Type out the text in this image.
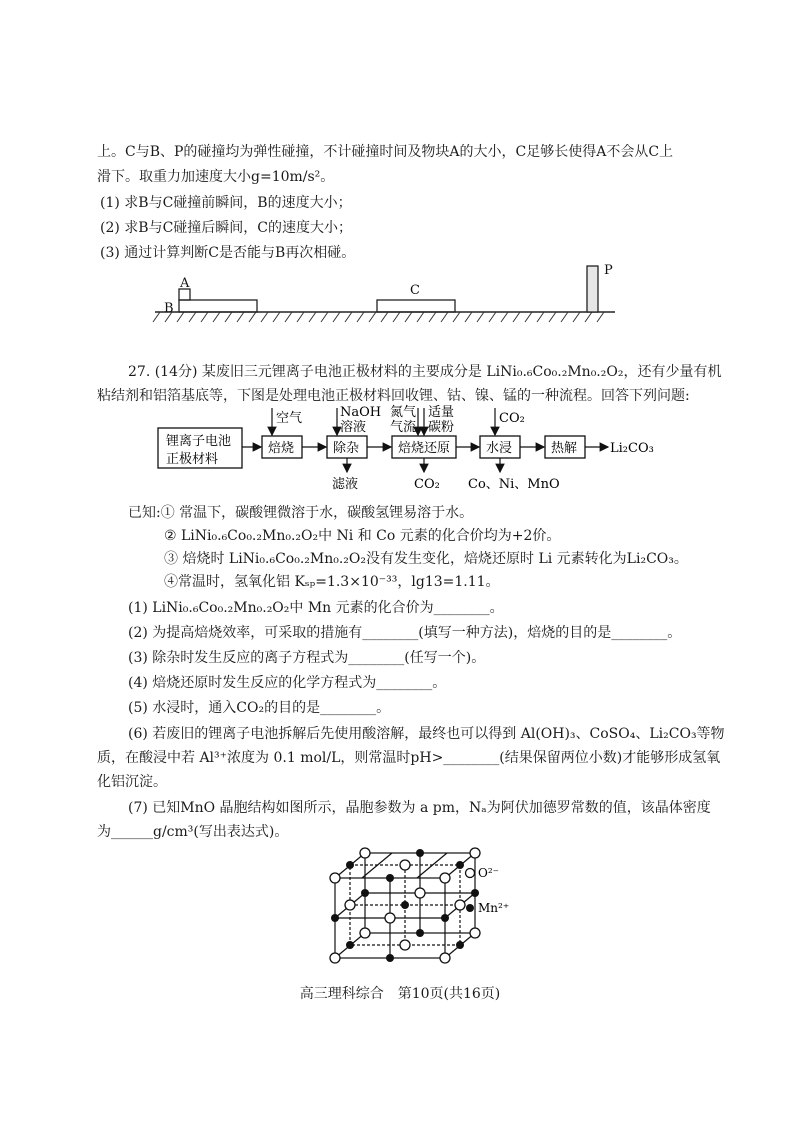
上。C与B、P的碰撞均为弹性碰撞，不计碰撞时间及物块A的大小，C足够长使得A不会从C上
滑下。取重力加速度大小g=10m/s²。
(1) 求B与C碰撞前瞬间，B的速度大小；
(2) 求B与C碰撞后瞬间，C的速度大小；
(3) 通过计算判断C是否能与B再次相碰。
A
B
C
P
27. (14分) 某废旧三元锂离子电池正极材料的主要成分是 LiNi₀.₆Co₀.₂Mn₀.₂O₂，还有少量有机
粘结剂和铝箔基底等，下图是处理电池正极材料回收锂、钴、镍、锰的一种流程。回答下列问题:
锂离子电池
正极材料
焙烧	除杂	焙烧还原	水浸	热解	Li₂CO₃
空气	NaOH
溶液
氮气
气流
适量
碳粉
CO₂
滤液	CO₂ Co、Ni、MnO
已知:① 常温下，碳酸锂微溶于水，碳酸氢锂易溶于水。
② LiNi₀.₆Co₀.₂Mn₀.₂O₂中 Ni 和 Co 元素的化合价均为+2价。
③ 焙烧时 LiNi₀.₆Co₀.₂Mn₀.₂O₂没有发生变化，焙烧还原时 Li 元素转化为Li₂CO₃。
④常温时，氢氧化铝 Kₛₚ=1.3×10⁻³³，lg13=1.11。
(1) LiNi₀.₆Co₀.₂Mn₀.₂O₂中 Mn 元素的化合价为________。
(2) 为提高焙烧效率，可采取的措施有________(填写一种方法)，焙烧的目的是________。
(3) 除杂时发生反应的离子方程式为________(任写一个)。
(4) 焙烧还原时发生反应的化学方程式为________。
(5) 水浸时，通入CO₂的目的是________。
(6) 若废旧的锂离子电池拆解后先使用酸溶解，最终也可以得到 Al(OH)₃、CoSO₄、Li₂CO₃等物
质，在酸浸中若 Al³⁺浓度为 0.1 mol/L，则常温时pH>________(结果保留两位小数)才能够形成氢氧
化铝沉淀。
(7) 已知MnO 晶胞结构如图所示，晶胞参数为 a pm，Nₐ为阿伏加德罗常数的值，该晶体密度
为______g/cm³(写出表达式)。
O²⁻
Mn²⁺
高三理科综合　第10页(共16页)
